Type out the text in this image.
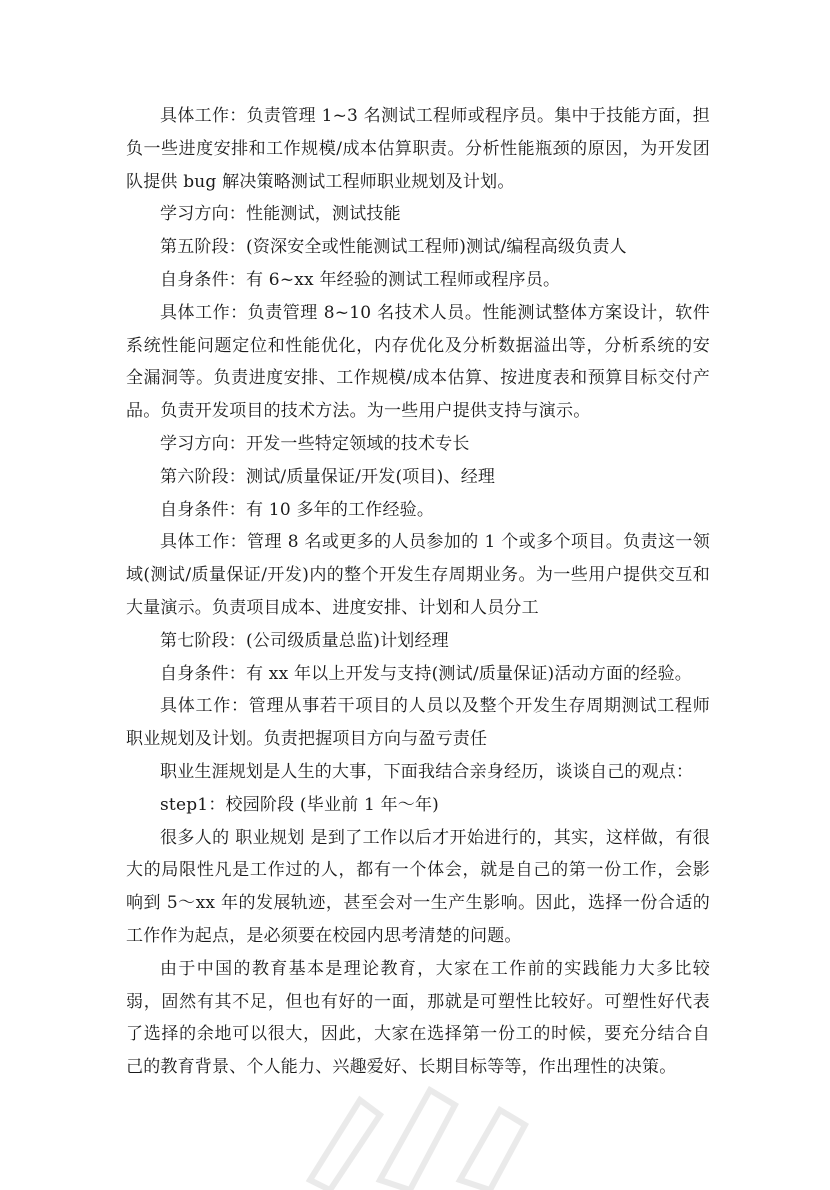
具体工作：负责管理 1~3 名测试工程师或程序员。集中于技能方面，担负一些进度安排和工作规模/成本估算职责。分析性能瓶颈的原因，为开发团队提供 bug 解决策略测试工程师职业规划及计划。

学习方向：性能测试，测试技能

第五阶段：(资深安全或性能测试工程师)测试/编程高级负责人

自身条件：有 6~xx 年经验的测试工程师或程序员。

具体工作：负责管理 8~10 名技术人员。性能测试整体方案设计，软件系统性能问题定位和性能优化，内存优化及分析数据溢出等，分析系统的安全漏洞等。负责进度安排、工作规模/成本估算、按进度表和预算目标交付产品。负责开发项目的技术方法。为一些用户提供支持与演示。

学习方向：开发一些特定领域的技术专长

第六阶段：测试/质量保证/开发(项目)、经理

自身条件：有 10 多年的工作经验。

具体工作：管理 8 名或更多的人员参加的 1 个或多个项目。负责这一领域(测试/质量保证/开发)内的整个开发生存周期业务。为一些用户提供交互和大量演示。负责项目成本、进度安排、计划和人员分工

第七阶段：(公司级质量总监)计划经理

自身条件：有 xx 年以上开发与支持(测试/质量保证)活动方面的经验。

具体工作：管理从事若干项目的人员以及整个开发生存周期测试工程师职业规划及计划。负责把握项目方向与盈亏责任

职业生涯规划是人生的大事，下面我结合亲身经历，谈谈自己的观点：

step1：校园阶段 (毕业前 1 年～年)

很多人的 职业规划 是到了工作以后才开始进行的，其实，这样做，有很大的局限性凡是工作过的人，都有一个体会，就是自己的第一份工作，会影响到 5～xx 年的发展轨迹，甚至会对一生产生影响。因此，选择一份合适的工作作为起点，是必须要在校园内思考清楚的问题。

由于中国的教育基本是理论教育，大家在工作前的实践能力大多比较弱，固然有其不足，但也有好的一面，那就是可塑性比较好。可塑性好代表了选择的余地可以很大，因此，大家在选择第一份工的时候，要充分结合自己的教育背景、个人能力、兴趣爱好、长期目标等等，作出理性的决策。
